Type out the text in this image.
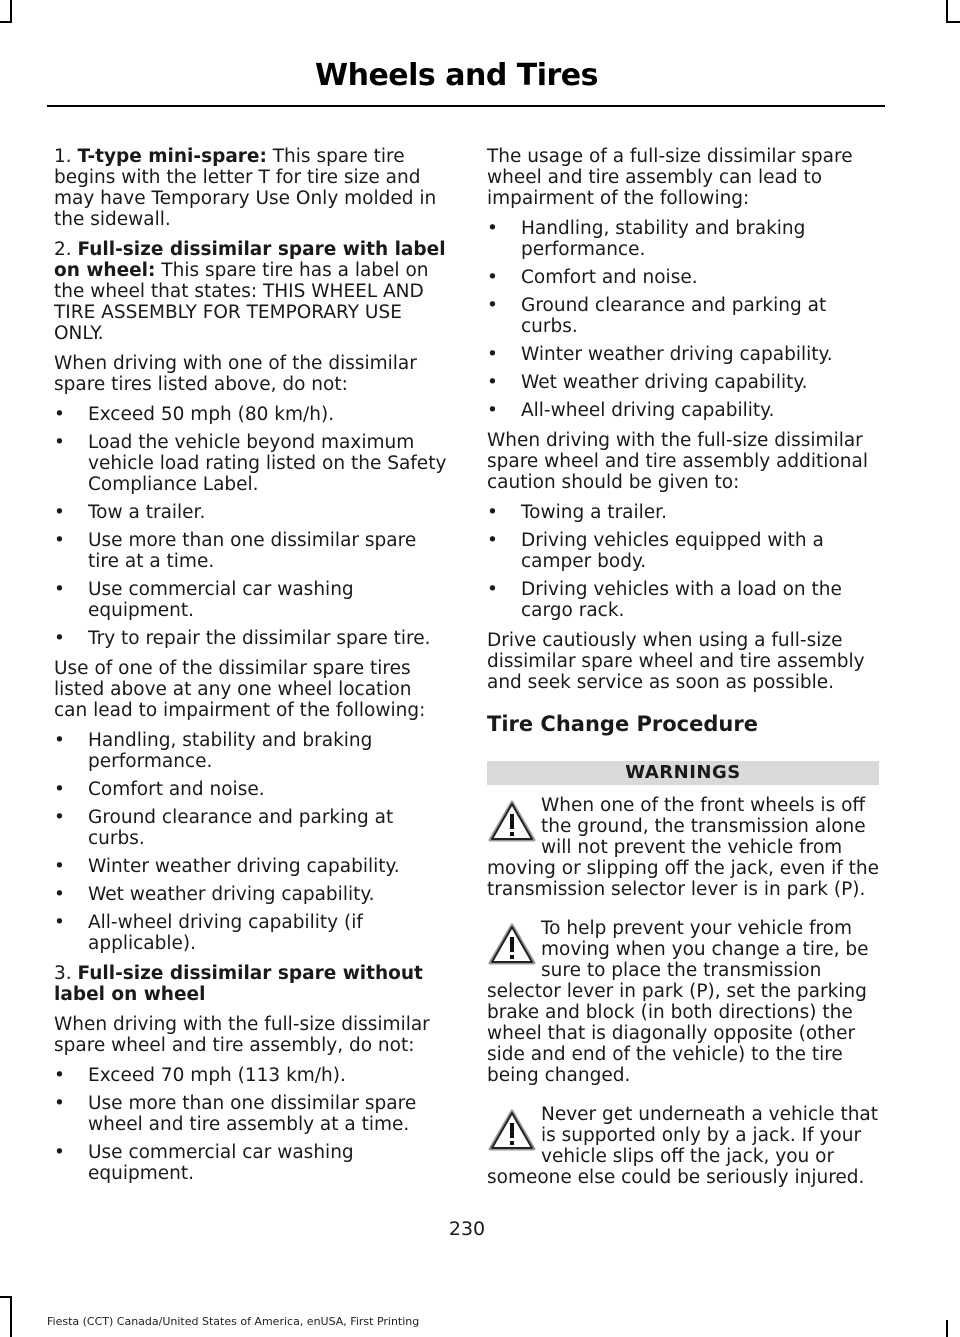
Wheels and Tires

1. T-type mini-spare: This spare tire begins with the letter T for tire size and may have Temporary Use Only molded in the sidewall.

2. Full-size dissimilar spare with label on wheel: This spare tire has a label on the wheel that states: THIS WHEEL AND TIRE ASSEMBLY FOR TEMPORARY USE ONLY.

When driving with one of the dissimilar spare tires listed above, do not:

• Exceed 50 mph (80 km/h).
• Load the vehicle beyond maximum vehicle load rating listed on the Safety Compliance Label.
• Tow a trailer.
• Use more than one dissimilar spare tire at a time.
• Use commercial car washing equipment.
• Try to repair the dissimilar spare tire.

Use of one of the dissimilar spare tires listed above at any one wheel location can lead to impairment of the following:

• Handling, stability and braking performance.
• Comfort and noise.
• Ground clearance and parking at curbs.
• Winter weather driving capability.
• Wet weather driving capability.
• All-wheel driving capability (if applicable).

3. Full-size dissimilar spare without label on wheel

When driving with the full-size dissimilar spare wheel and tire assembly, do not:

• Exceed 70 mph (113 km/h).
• Use more than one dissimilar spare wheel and tire assembly at a time.
• Use commercial car washing equipment.

The usage of a full-size dissimilar spare wheel and tire assembly can lead to impairment of the following:

• Handling, stability and braking performance.
• Comfort and noise.
• Ground clearance and parking at curbs.
• Winter weather driving capability.
• Wet weather driving capability.
• All-wheel driving capability.

When driving with the full-size dissimilar spare wheel and tire assembly additional caution should be given to:

• Towing a trailer.
• Driving vehicles equipped with a camper body.
• Driving vehicles with a load on the cargo rack.

Drive cautiously when using a full-size dissimilar spare wheel and tire assembly and seek service as soon as possible.

Tire Change Procedure
WARNINGS
When one of the front wheels is off the ground, the transmission alone will not prevent the vehicle from moving or slipping off the jack, even if the transmission selector lever is in park (P).
To help prevent your vehicle from moving when you change a tire, be sure to place the transmission selector lever in park (P), set the parking brake and block (in both directions) the wheel that is diagonally opposite (other side and end of the vehicle) to the tire being changed.
Never get underneath a vehicle that is supported only by a jack. If your vehicle slips off the jack, you or someone else could be seriously injured.
230
Fiesta (CCT) Canada/United States of America, enUSA, First Printing
